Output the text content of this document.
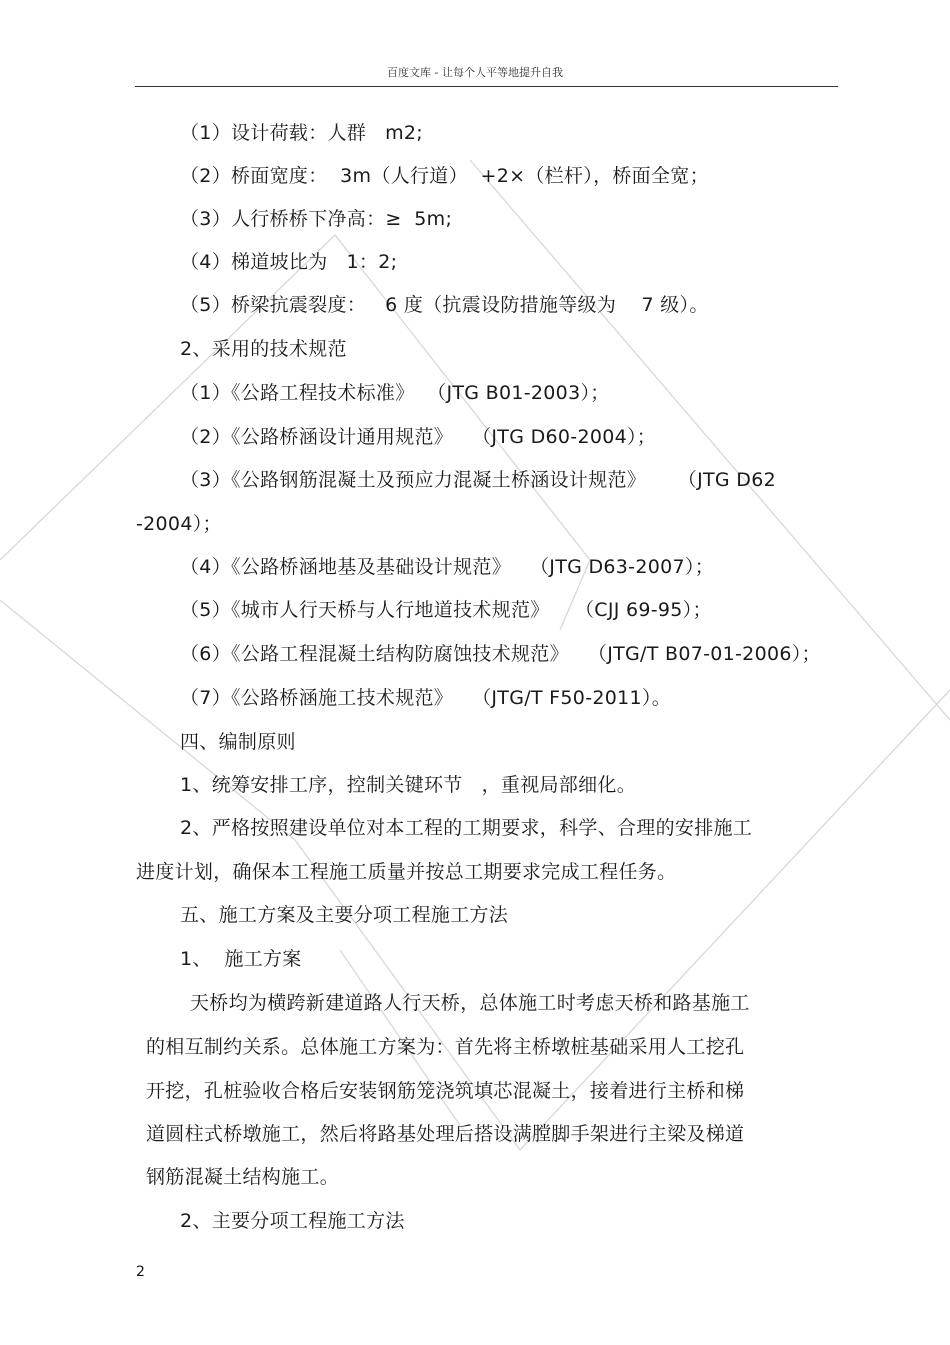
百度文库 - 让每个人平等地提升自我
（1）设计荷载：人群   m2;
（2）桥面宽度：  3m（人行道）  +2×（栏杆），桥面全宽；
（3）人行桥桥下净高：≥  5m;
（4）梯道坡比为   1：2;
（5）桥梁抗震裂度：   6 度（抗震设防措施等级为    7 级）。
2、采用的技术规范
（1）《公路工程技术标准》  （JTG B01-2003）；
（2）《公路桥涵设计通用规范》   （JTG D60-2004）；
（3）《公路钢筋混凝土及预应力混凝土桥涵设计规范》     （JTG D62
-2004）；
（4）《公路桥涵地基及基础设计规范》   （JTG D63-2007）；
（5）《城市人行天桥与人行地道技术规范》    （CJJ 69-95）；
（6）《公路工程混凝土结构防腐蚀技术规范》   （JTG/T B07-01-2006）；
（7）《公路桥涵施工技术规范》   （JTG/T F50-2011）。
四、编制原则
1、统筹安排工序，控制关键环节   ，重视局部细化。
2、严格按照建设单位对本工程的工期要求，科学、合理的安排施工
进度计划，确保本工程施工质量并按总工期要求完成工程任务。
五、施工方案及主要分项工程施工方法
1、  施工方案
天桥均为横跨新建道路人行天桥，总体施工时考虑天桥和路基施工
的相互制约关系。总体施工方案为：首先将主桥墩桩基础采用人工挖孔
开挖，孔桩验收合格后安装钢筋笼浇筑填芯混凝土，接着进行主桥和梯
道圆柱式桥墩施工，然后将路基处理后搭设满膛脚手架进行主梁及梯道
钢筋混凝土结构施工。
2、主要分项工程施工方法
2
